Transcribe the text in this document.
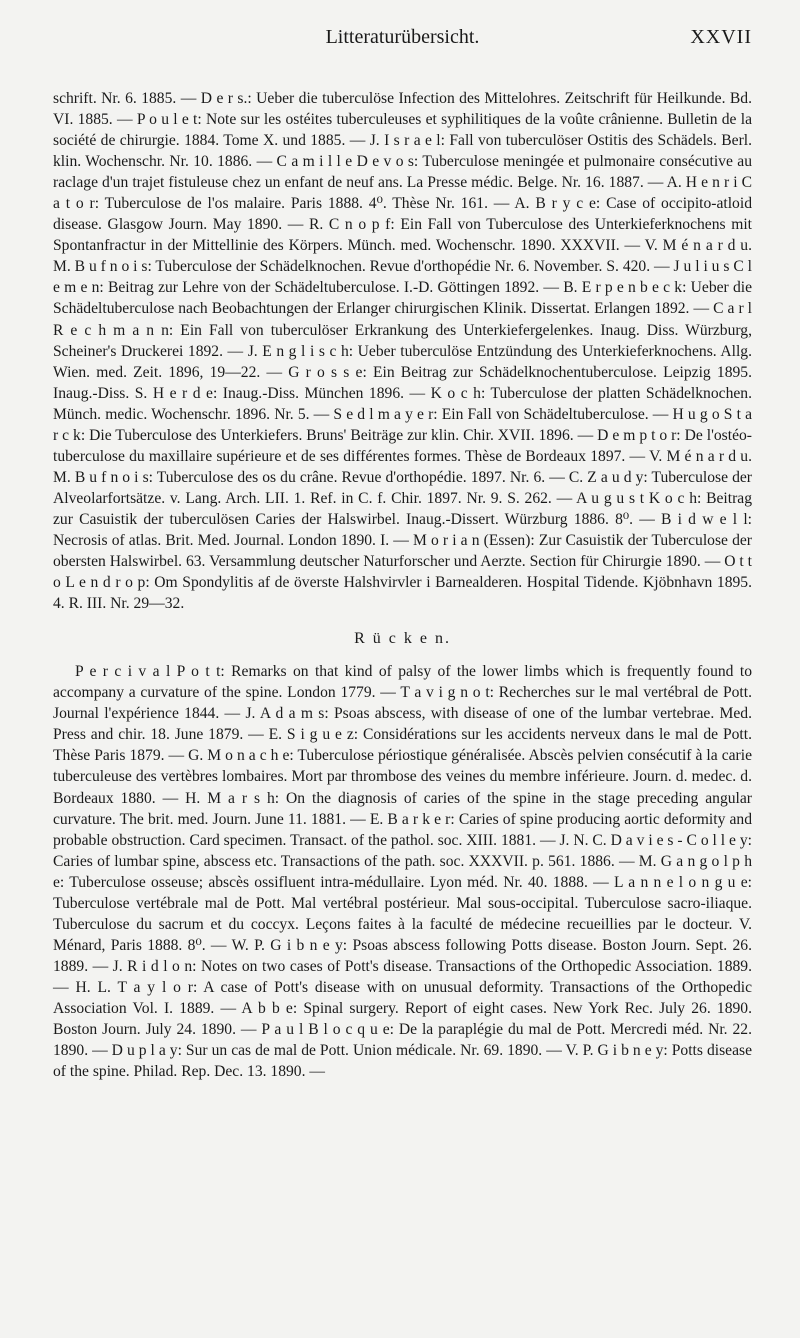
Litteraturübersicht.	XXVII

schrift. Nr. 6. 1885. — D e r s.: Ueber die tuberculöse Infection des Mittelohres. Zeitschrift für Heilkunde. Bd. VI. 1885. — P o u l e t: Note sur les ostéites tuberculeuses et syphilitiques de la voûte crânienne. Bulletin de la société de chirurgie. 1884. Tome X. und 1885. — J. I s r a e l: Fall von tuberculöser Ostitis des Schädels. Berl. klin. Wochenschr. Nr. 10. 1886. — C a m i l l e D e v o s: Tuberculose meningée et pulmonaire consécutive au raclage d'un trajet fistuleuse chez un enfant de neuf ans. La Presse médic. Belge. Nr. 16. 1887. — A. H e n r i C a t o r: Tuberculose de l'os malaire. Paris 1888. 4⁰. Thèse Nr. 161. — A. B r y c e: Case of occipito-atloid disease. Glasgow Journ. May 1890. — R. C n o p f: Ein Fall von Tuberculose des Unterkieferknochens mit Spontanfractur in der Mittellinie des Körpers. Münch. med. Wochenschr. 1890. XXXVII. — V. M é n a r d u. M. B u f n o i s: Tuberculose der Schädelknochen. Revue d'orthopédie Nr. 6. November. S. 420. — J u l i u s C l e m e n: Beitrag zur Lehre von der Schädeltuberculose. I.-D. Göttingen 1892. — B. E r p e n b e c k: Ueber die Schädeltuberculose nach Beobachtungen der Erlanger chirurgischen Klinik. Dissertat. Erlangen 1892. — C a r l R e c h m a n n: Ein Fall von tuberculöser Erkrankung des Unterkiefergelenkes. Inaug. Diss. Würzburg, Scheiner's Druckerei 1892. — J. E n g l i s c h: Ueber tuberculöse Entzündung des Unterkieferknochens. Allg. Wien. med. Zeit. 1896, 19—22. — G r o s s e: Ein Beitrag zur Schädelknochentuberculose. Leipzig 1895. Inaug.-Diss. S. H e r d e: Inaug.-Diss. München 1896. — K o c h: Tuberculose der platten Schädelknochen. Münch. medic. Wochenschr. 1896. Nr. 5. — S e d l m a y e r: Ein Fall von Schädeltuberculose. — H u g o S t a r c k: Die Tuberculose des Unterkiefers. Bruns' Beiträge zur klin. Chir. XVII. 1896. — D e m p t o r: De l'ostéo-tuberculose du maxillaire supérieure et de ses différentes formes. Thèse de Bordeaux 1897. — V. M é n a r d u. M. B u f n o i s: Tuberculose des os du crâne. Revue d'orthopédie. 1897. Nr. 6. — C. Z a u d y: Tuberculose der Alveolarfortsätze. v. Lang. Arch. LII. 1. Ref. in C. f. Chir. 1897. Nr. 9. S. 262. — A u g u s t K o c h: Beitrag zur Casuistik der tuberculösen Caries der Halswirbel. Inaug.-Dissert. Würzburg 1886. 8⁰. — B i d w e l l: Necrosis of atlas. Brit. Med. Journal. London 1890. I. — M o r i a n (Essen): Zur Casuistik der Tuberculose der obersten Halswirbel. 63. Versammlung deutscher Naturforscher und Aerzte. Section für Chirurgie 1890. — O t t o L e n d r o p: Om Spondylitis af de överste Halshvirvler i Barnealderen. Hospital Tidende. Kjöbnhavn 1895. 4. R. III. Nr. 29—32.

R ü c k e n.

P e r c i v a l P o t t: Remarks on that kind of palsy of the lower limbs which is frequently found to accompany a curvature of the spine. London 1779. — T a v i g n o t: Recherches sur le mal vertébral de Pott. Journal l'expérience 1844. — J. A d a m s: Psoas abscess, with disease of one of the lumbar vertebrae. Med. Press and chir. 18. June 1879. — E. S i g u e z: Considérations sur les accidents nerveux dans le mal de Pott. Thèse Paris 1879. — G. M o n a c h e: Tuberculose périostique généralisée. Abscès pelvien consécutif à la carie tuberculeuse des vertèbres lombaires. Mort par thrombose des veines du membre inférieure. Journ. d. medec. d. Bordeaux 1880. — H. M a r s h: On the diagnosis of caries of the spine in the stage preceding angular curvature. The brit. med. Journ. June 11. 1881. — E. B a r k e r: Caries of spine producing aortic deformity and probable obstruction. Card specimen. Transact. of the pathol. soc. XIII. 1881. — J. N. C. D a v i e s - C o l l e y: Caries of lumbar spine, abscess etc. Transactions of the path. soc. XXXVII. p. 561. 1886. — M. G a n g o l p h e: Tuberculose osseuse; abscès ossifluent intra-médullaire. Lyon méd. Nr. 40. 1888. — L a n n e l o n g u e: Tuberculose vertébrale mal de Pott. Mal vertébral postérieur. Mal sous-occipital. Tuberculose sacro-iliaque. Tuberculose du sacrum et du coccyx. Leçons faites à la faculté de médecine recueillies par le docteur. V. Ménard, Paris 1888. 8⁰. — W. P. G i b n e y: Psoas abscess following Potts disease. Boston Journ. Sept. 26. 1889. — J. R i d l o n: Notes on two cases of Pott's disease. Transactions of the Orthopedic Association. 1889. — H. L. T a y l o r: A case of Pott's disease with on unusual deformity. Transactions of the Orthopedic Association Vol. I. 1889. — A b b e: Spinal surgery. Report of eight cases. New York Rec. July 26. 1890. Boston Journ. July 24. 1890. — P a u l B l o c q u e: De la paraplégie du mal de Pott. Mercredi méd. Nr. 22. 1890. — D u p l a y: Sur un cas de mal de Pott. Union médicale. Nr. 69. 1890. — V. P. G i b n e y: Potts disease of the spine. Philad. Rep. Dec. 13. 1890. —
